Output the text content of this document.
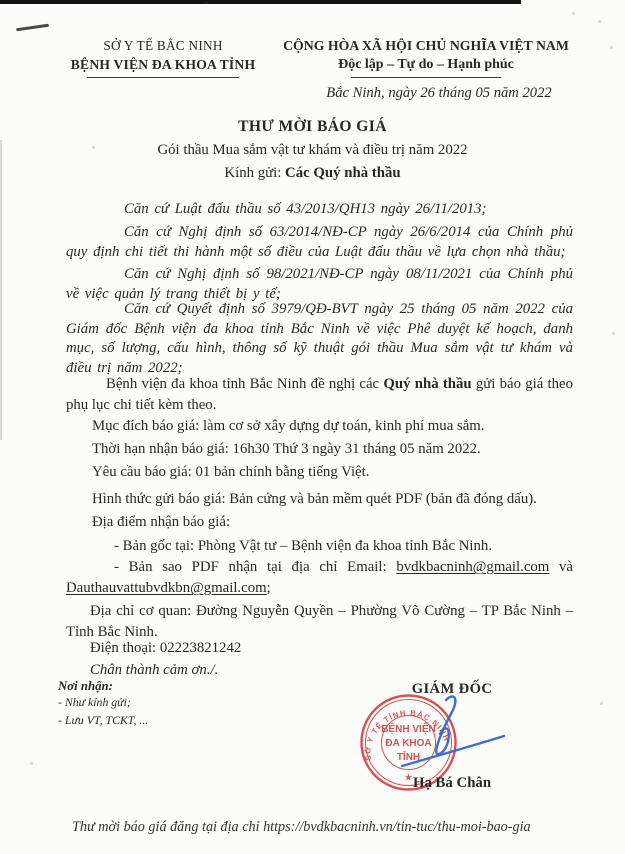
SỞ Y TẾ BẮC NINH
BỆNH VIỆN ĐA KHOA TỈNH
CỘNG HÒA XÃ HỘI CHỦ NGHĨA VIỆT NAM
Độc lập – Tự do – Hạnh phúc
Bắc Ninh, ngày 26 tháng 05 năm 2022
THƯ MỜI BÁO GIÁ
Gói thầu Mua sắm vật tư khám và điều trị năm 2022
Kính gửi: Các Quý nhà thầu

Căn cứ Luật đấu thầu số 43/2013/QH13 ngày 26/11/2013;

Căn cứ Nghị định số 63/2014/NĐ-CP ngày 26/6/2014 của Chính phủ quy định chi tiết thi hành một số điều của Luật đấu thầu về lựa chọn nhà thầu;

Căn cứ Nghị định số 98/2021/NĐ-CP ngày 08/11/2021 của Chính phủ về việc quản lý trang thiết bị y tế;

Căn cứ Quyết định số 3979/QĐ-BVT ngày 25 tháng 05 năm 2022 của Giám đốc Bệnh viện đa khoa tỉnh Bắc Ninh về việc Phê duyệt kế hoạch, danh mục, số lượng, cấu hình, thông số kỹ thuật gói thầu Mua sắm vật tư khám và điều trị năm 2022;

Bệnh viện đa khoa tỉnh Bắc Ninh đề nghị các Quý nhà thầu gửi báo giá theo phụ lục chi tiết kèm theo.

Mục đích báo giá: làm cơ sở xây dựng dự toán, kinh phí mua sắm.

Thời hạn nhận báo giá: 16h30 Thứ 3 ngày 31 tháng 05 năm 2022.

Yêu cầu báo giá: 01 bản chính bằng tiếng Việt.

Hình thức gửi báo giá: Bản cứng và bản mềm quét PDF (bản đã đóng dấu).

Địa điểm nhận báo giá:

- Bản gốc tại: Phòng Vật tư – Bệnh viện đa khoa tỉnh Bắc Ninh.

- Bản sao PDF nhận tại địa chỉ Email: bvdkbacninh@gmail.com và Dauthauvattubvdkbn@gmail.com;

Địa chỉ cơ quan: Đường Nguyễn Quyền – Phường Võ Cường – TP Bắc Ninh – Tỉnh Bắc Ninh.

Điện thoại: 02223821242

Chân thành cảm ơn./.

Nơi nhận:
- Như kính gửi;
- Lưu VT, TCKT, ...
GIÁM ĐỐC
SỞ Y TẾ TỈNH BẮC NINH
BỆNH VIỆN
ĐA KHOA
TỈNH
★ Hạ Bá Chân
Thư mời báo giá đăng tại địa chỉ https://bvdkbacninh.vn/tin-tuc/thu-moi-bao-gia
